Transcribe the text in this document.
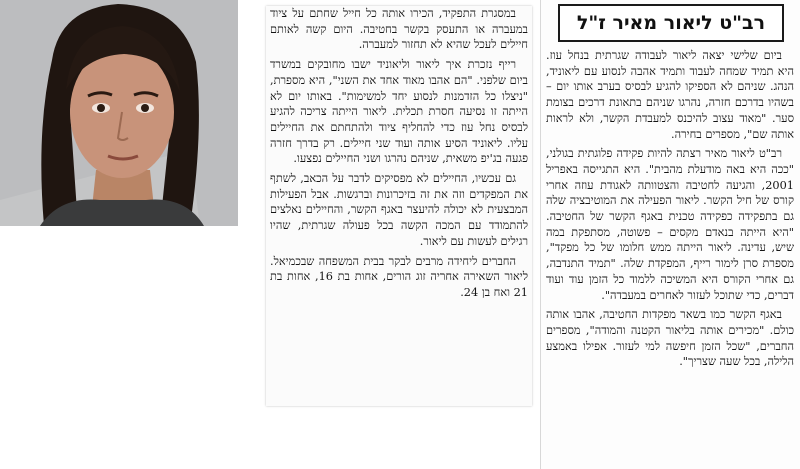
במסגרת התפקיד, הכירו אותה כל חייל שחתם על ציוד במעברה או התעסק בקשר בחטיבה. היום קשה לאותם חיילים לעכל שהיא לא תחזור למעברה.

רייף נזכרת איך ליאור וליאוניד ישבו מחובקים במשרד ביום שלפני. "הם אהבו מאוד אחד את השני", היא מספרת, "ניצלו כל הזדמנות לנסוע יחד למשימות". באותו יום לא הייתה זו נסיעה חסרת תכלית. ליאור הייתה צריכה להגיע לבסיס נחל עוז כדי להחליף ציוד ולהתחתם את החיילים עליו. ליאוניד הסיע אותה ועוד שני חיילים. רק בדרך חזרה פגעה בג'יפ משאית, שניהם נהרגו ושני החיילים נפצעו.

גם עכשיו, החיילים לא מפסיקים לדבר על הכאב, לשתף את המפקדים וזה את זה בזיכרונות וברגשות. אבל הפעילות המבצעית לא יכולה להיעצר באגף הקשר, והחיילים נאלצים להתמודד עם המכה הקשה בכל פעולה שגרתית, שהיו רגילים לעשות עם ליאור.

החברים ליחידה מרבים לבקר בבית המשפחה שבכמיאל. ליאור השאירה אחריה זוג הורים, אחות בת 16, אחות בת 21 ואח בן 24.

רב"ט ליאור מאיר ז"ל

ביום שלישי יצאה ליאור לעבודה שגרתית בנחל עוז. היא תמיד שמחה לעבוד ותמיד אהבה לנסוע עם ליאוניד, הנהג. שניהם לא הספיקו להגיע לבסיס בערב אותו יום – בשהיו בדרכם חזרה, נהרגו שניהם בתאונת דרכים בצומת סער. "מאוד עצוב להיכנס למעבדת הקשר, ולא לראות אותה שם", מספרים בחירה.

רב"ט ליאור מאיר רצתה להיות פקידה פלוגתית בגולני, "ככה היא באה מודעלת מהבית". היא התגייסה באפריל 2001, והגיעה לחטיבה והצטוותה לאגודת עוזה אחרי קורס של חיל הקשר. ליאור הפעילה את המוטיבציה שלה גם בתפקידה כפקידה טכנית באגף הקשר של החטיבה. "היא הייתה בנאדם מקסים – פשוטה, מסתפקת במה שיש, עדינה. ליאור הייתה ממש חלומו של כל מפקד", מספרת סרן לימור רייף, המפקדת שלה. "תמיד התנדבה, גם אחרי הקורס היא המשיכה ללמוד כל הזמן עוד ועוד דברים, כדי שתוכל לעזור לאחרים במעבדה".

באגף הקשר כמו בשאר מפקדות החטיבה, אהבו אותה כולם. "מכירים אותה בליאור הקטנה והמודה", מספרים החברים, "שכל הזמן חיפשה למי לעזור. אפילו באמצע הלילה, בכל שעה שצריך".
